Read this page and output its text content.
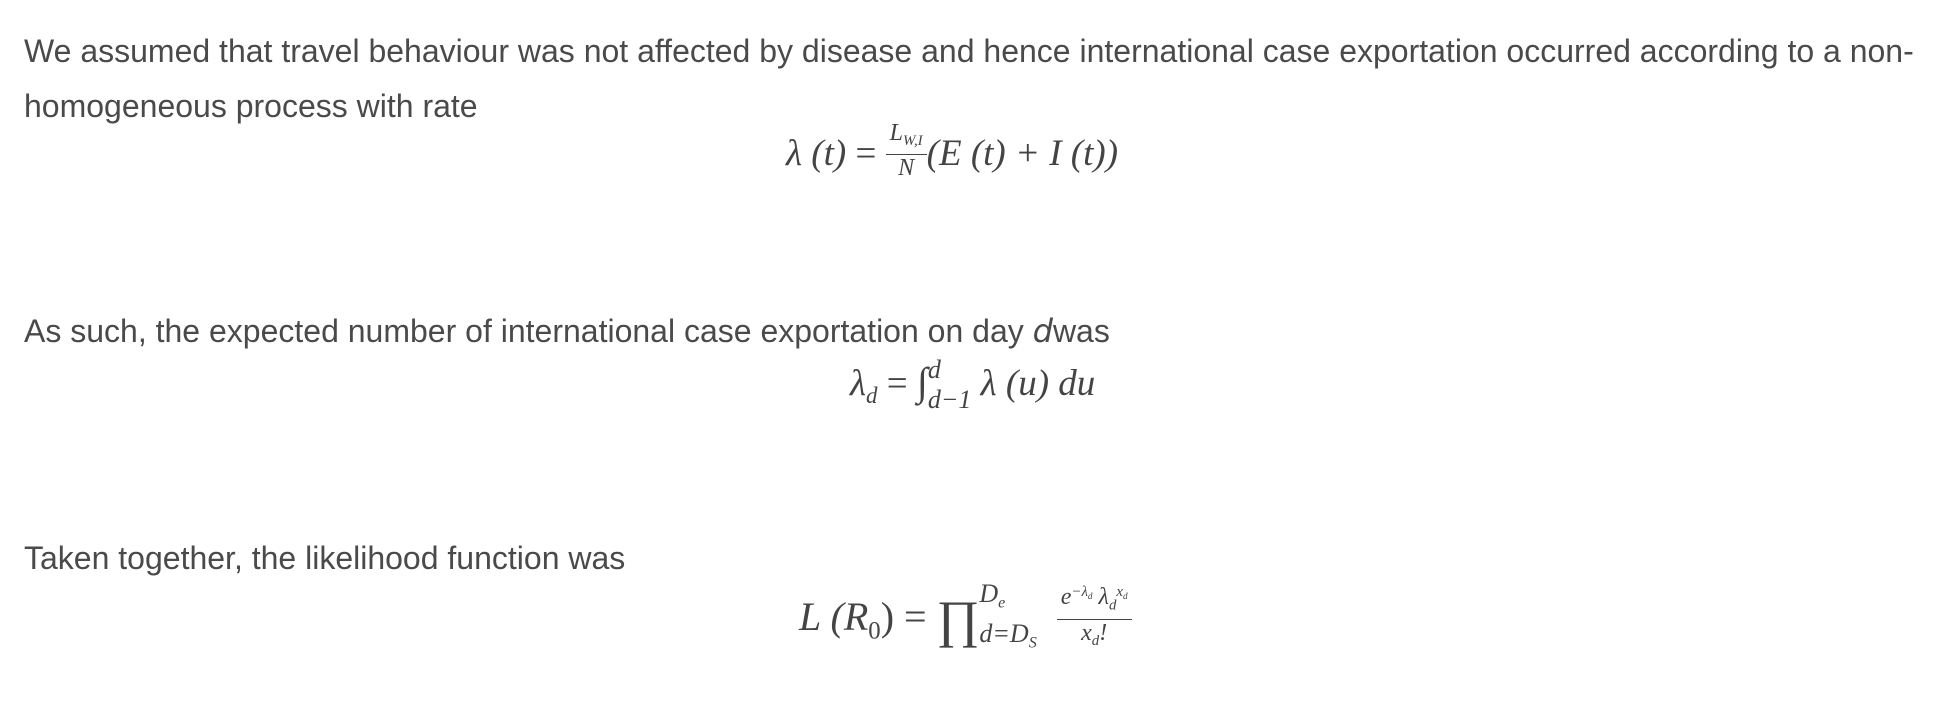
We assumed that travel behaviour was not affected by disease and hence international case exportation occurred according to a non-homogeneous process with rate

λ $(t) = \frac{L_{W,I}}{N} (E$ (t) + I (t))

As such, the expected number of international case exportation on day dwas

$\lambda_d$ = ∫ d
d−1 λ (u) du

Taken together, the likelihood function was

L $(R_0)$ = ∏ $D_e$
$d=D_S$
$\frac{e^{-\lambda_d} \lambda_d^{x_d}}{x_d!}$
